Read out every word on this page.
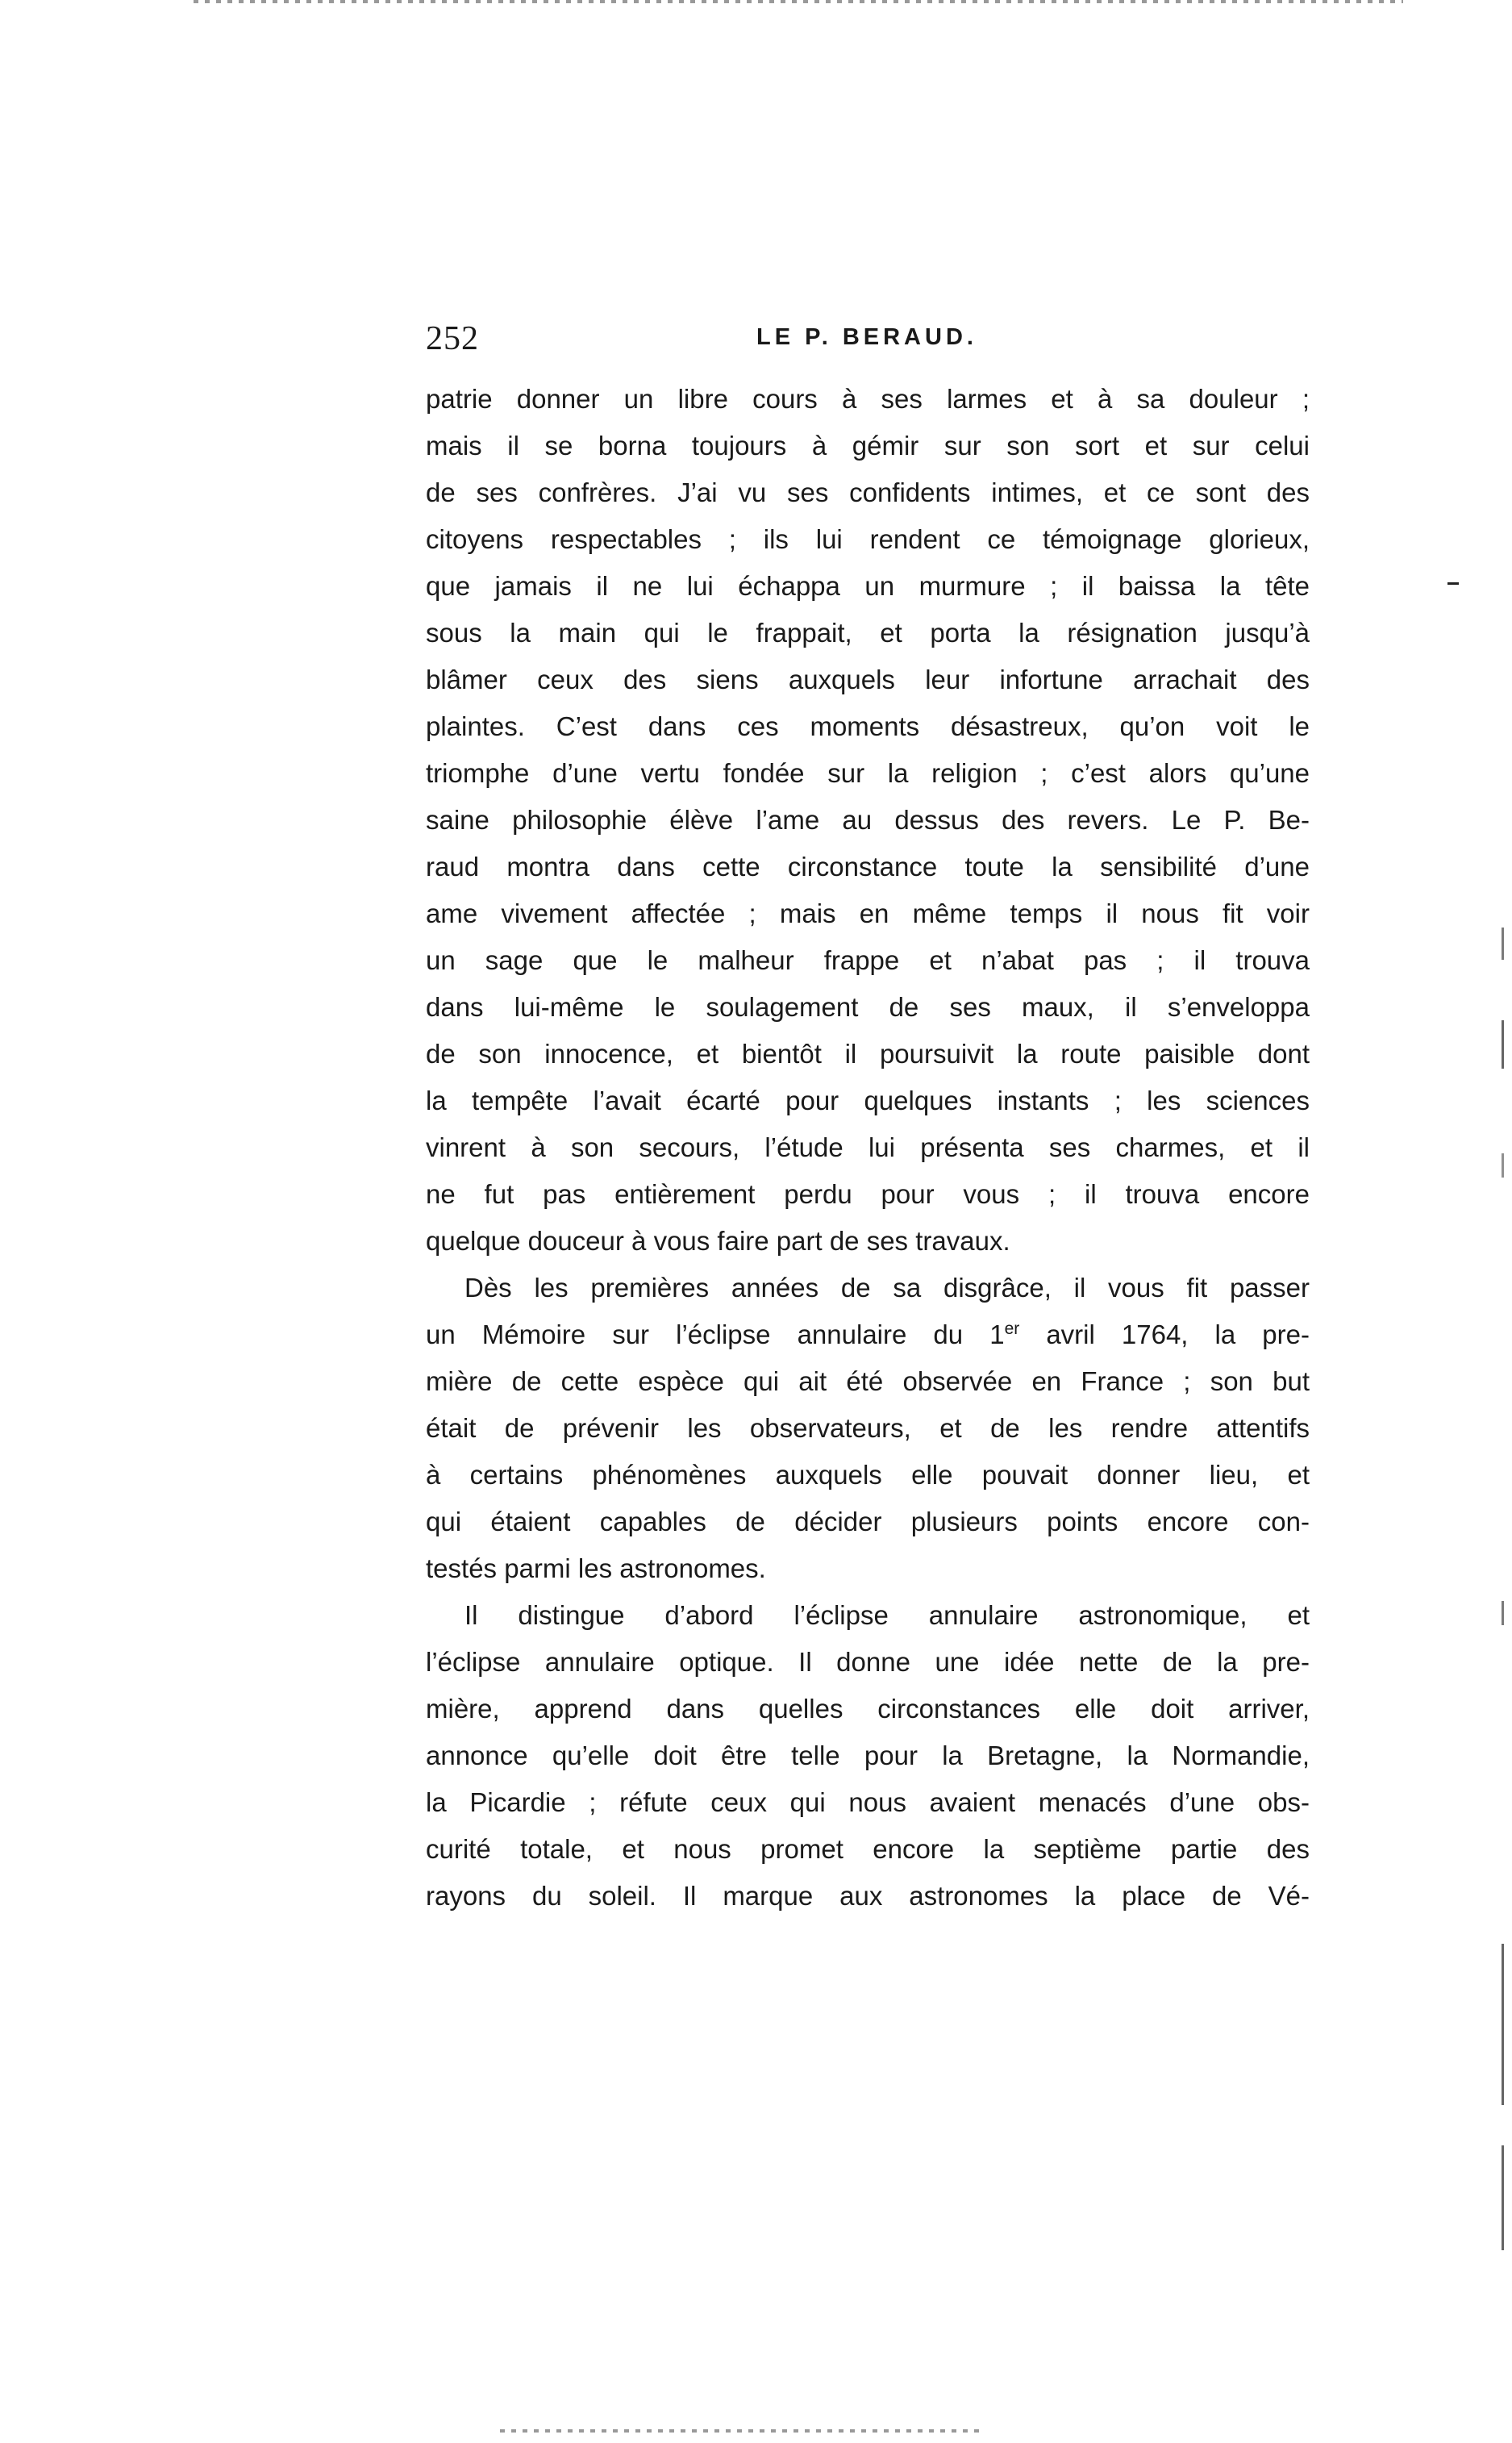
252	LE P. BERAUD.
patrie donner un libre cours à ses larmes et à sa douleur ;
mais il se borna toujours à gémir sur son sort et sur celui
de ses confrères. J’ai vu ses confidents intimes, et ce sont des
citoyens respectables ; ils lui rendent ce témoignage glorieux,
que jamais il ne lui échappa un murmure ; il baissa la tête
sous la main qui le frappait, et porta la résignation jusqu’à
blâmer ceux des siens auxquels leur infortune arrachait des
plaintes. C’est dans ces moments désastreux, qu’on voit le
triomphe d’une vertu fondée sur la religion ; c’est alors qu’une
saine philosophie élève l’ame au dessus des revers. Le P. Be-
raud montra dans cette circonstance toute la sensibilité d’une
ame vivement affectée ; mais en même temps il nous fit voir
un sage que le malheur frappe et n’abat pas ; il trouva
dans lui-même le soulagement de ses maux, il s’enveloppa
de son innocence, et bientôt il poursuivit la route paisible dont
la tempête l’avait écarté pour quelques instants ; les sciences
vinrent à son secours, l’étude lui présenta ses charmes, et il
ne fut pas entièrement perdu pour vous ; il trouva encore
quelque douceur à vous faire part de ses travaux.
Dès les premières années de sa disgrâce, il vous fit passer
un Mémoire sur l’éclipse annulaire du 1er avril 1764, la pre-
mière de cette espèce qui ait été observée en France ; son but
était de prévenir les observateurs, et de les rendre attentifs
à certains phénomènes auxquels elle pouvait donner lieu, et
qui étaient capables de décider plusieurs points encore con-
testés parmi les astronomes.
Il distingue d’abord l’éclipse annulaire astronomique, et
l’éclipse annulaire optique. Il donne une idée nette de la pre-
mière, apprend dans quelles circonstances elle doit arriver,
annonce qu’elle doit être telle pour la Bretagne, la Normandie,
la Picardie ; réfute ceux qui nous avaient menacés d’une obs-
curité totale, et nous promet encore la septième partie des
rayons du soleil. Il marque aux astronomes la place de Vé-
